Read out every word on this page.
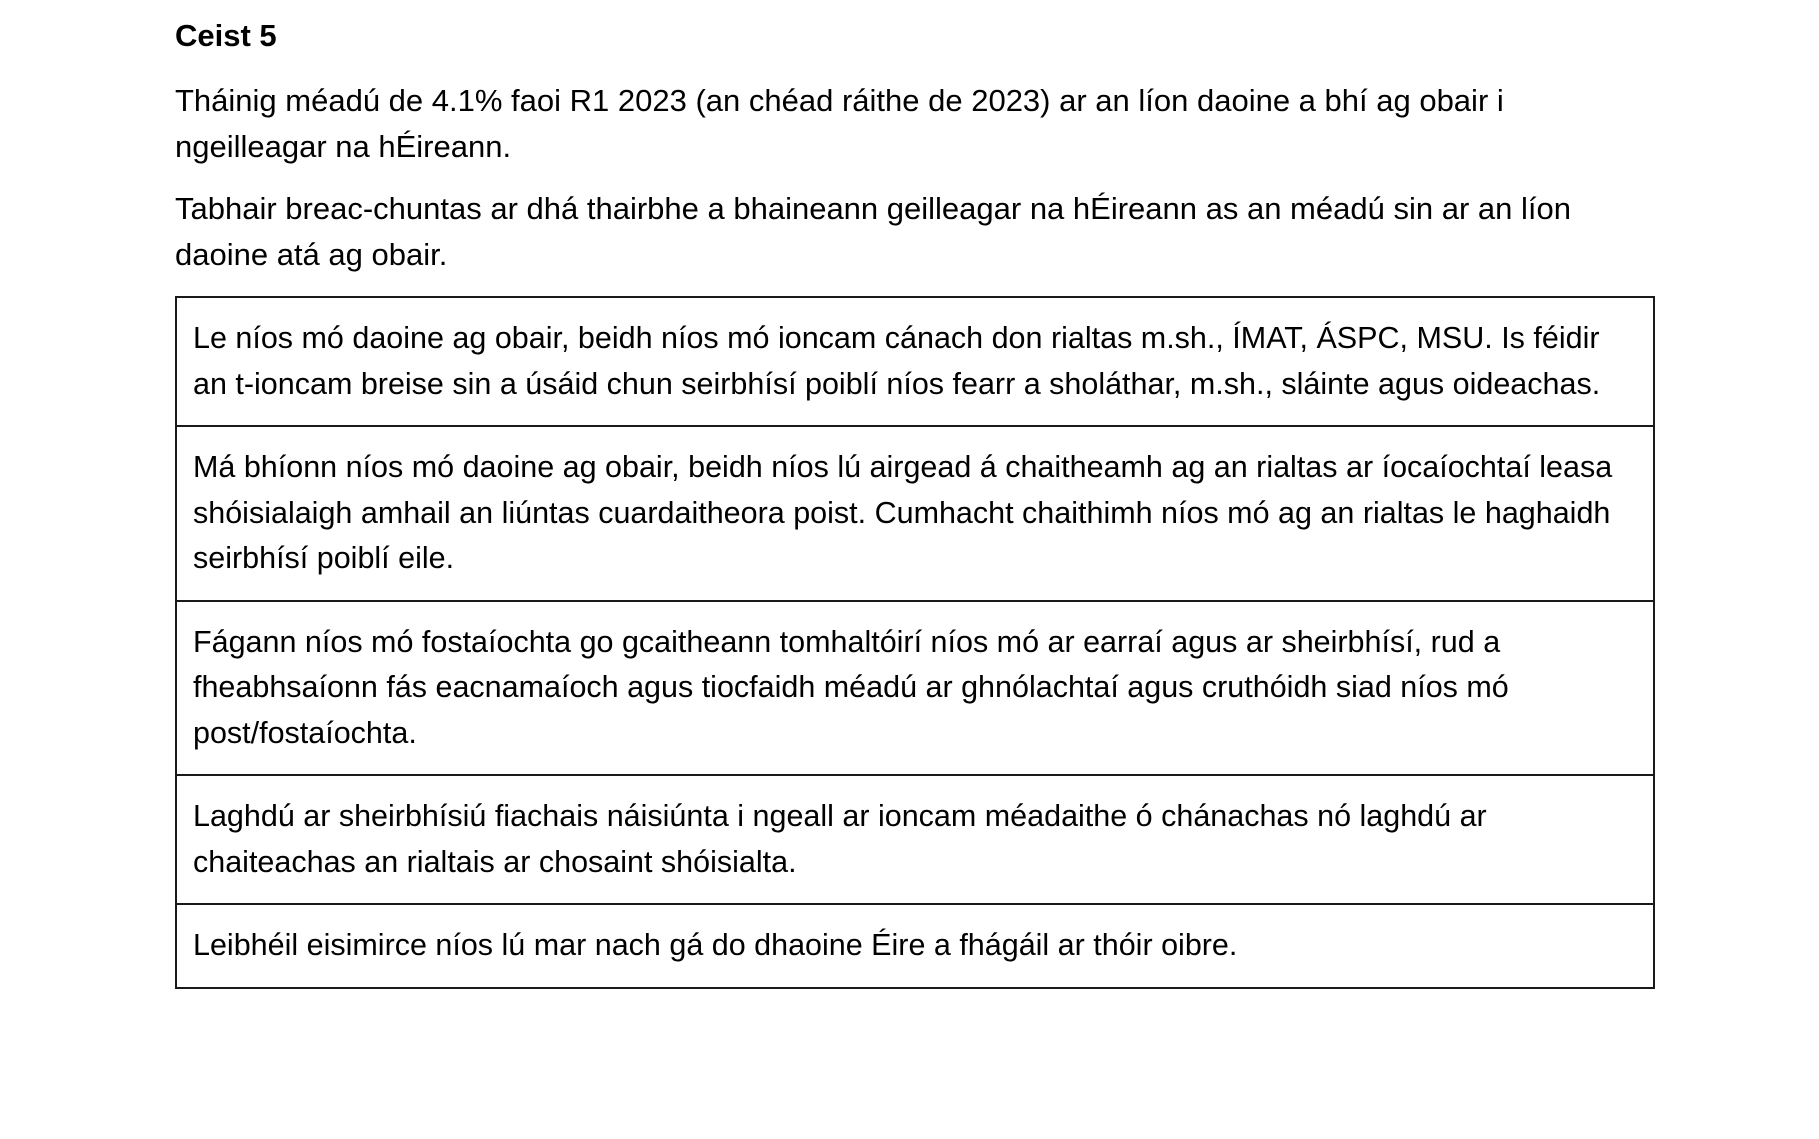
Ceist 5

Tháinig méadú de 4.1% faoi R1 2023 (an chéad ráithe de 2023) ar an líon daoine a bhí ag obair i ngeilleagar na hÉireann.

Tabhair breac-chuntas ar dhá thairbhe a bhaineann geilleagar na hÉireann as an méadú sin ar an líon daoine atá ag obair.

Le níos mó daoine ag obair, beidh níos mó ioncam cánach don rialtas m.sh., ÍMAT, ÁSPC, MSU. Is féidir an t-ioncam breise sin a úsáid chun seirbhísí poiblí níos fearr a sholáthar, m.sh., sláinte agus oideachas.
Má bhíonn níos mó daoine ag obair, beidh níos lú airgead á chaitheamh ag an rialtas ar íocaíochtaí leasa shóisialaigh amhail an liúntas cuardaitheora poist. Cumhacht chaithimh níos mó ag an rialtas le haghaidh seirbhísí poiblí eile.
Fágann níos mó fostaíochta go gcaitheann tomhaltóirí níos mó ar earraí agus ar sheirbhísí, rud a fheabhsaíonn fás eacnamaíoch agus tiocfaidh méadú ar ghnólachtaí agus cruthóidh siad níos mó post/fostaíochta.
Laghdú ar sheirbhísiú fiachais náisiúnta i ngeall ar ioncam méadaithe ó chánachas nó laghdú ar chaiteachas an rialtais ar chosaint shóisialta.
Leibhéil eisimirce níos lú mar nach gá do dhaoine Éire a fhágáil ar thóir oibre.
